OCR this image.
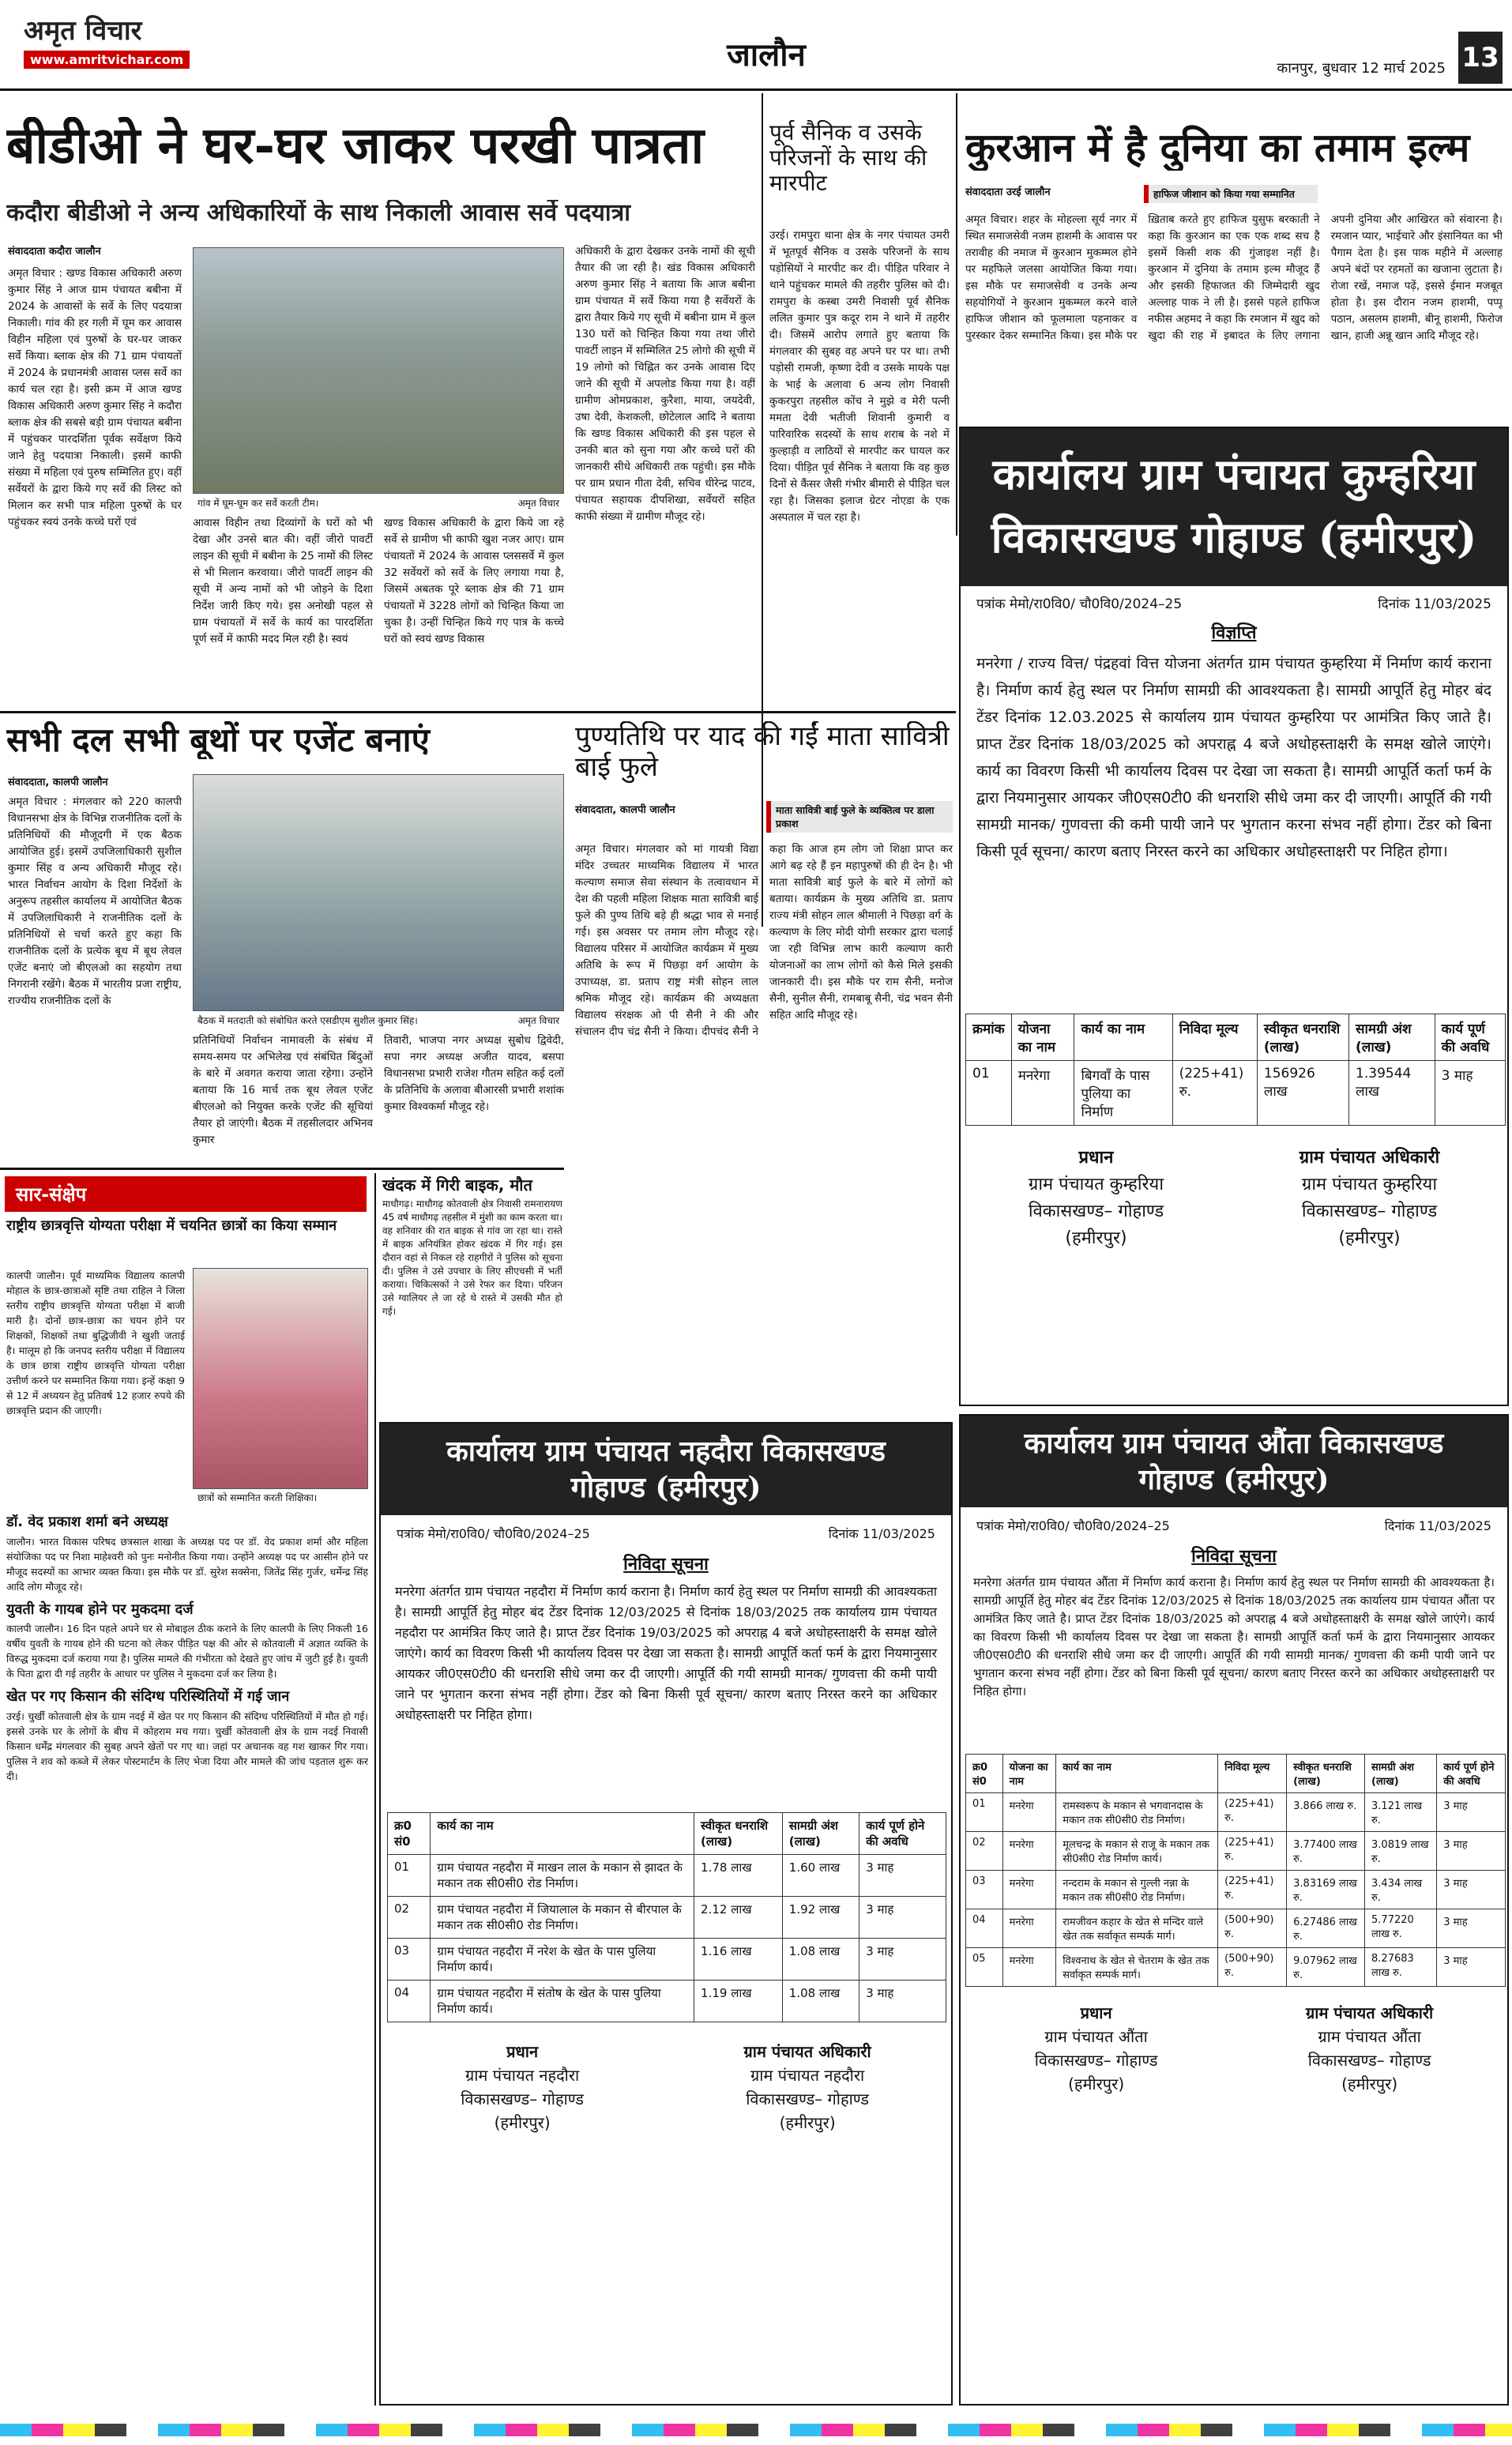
अमृत विचार
www.amritvichar.com	जालौन	कानपुर, बुधवार 12 मार्च 2025 13
बीडीओ ने घर-घर जाकर परखी पात्रता
कदौरा बीडीओ ने अन्य अधिकारियों के साथ निकाली आवास सर्वे पदयात्रा
संवाददाता कदौरा जालौन
अमृत विचार : खण्ड विकास अधिकारी अरुण कुमार सिंह ने आज ग्राम पंचायत बबीना में 2024 के आवासों के सर्वे के लिए पदयात्रा निकाली। गांव की हर गली में घूम कर आवास विहीन महिला एवं पुरुषों के घर-घर जाकर सर्वे किया। ब्लाक क्षेत्र की 71 ग्राम पंचायतों में 2024 के प्रधानमंत्री आवास प्लस सर्वे का कार्य चल रहा है। इसी क्रम में आज खण्ड विकास अधिकारी अरुण कुमार सिंह ने कदौरा ब्लाक क्षेत्र की सबसे बड़ी ग्राम पंचायत बबीना में पहुंचकर पारदर्शिता पूर्वक सर्वेक्षण किये जाने हेतु पदयात्रा निकाली। इसमें काफी संख्या में महिला एवं पुरुष सम्मिलित हुए। वहीं सर्वेयरों के द्वारा किये गए सर्वे की लिस्ट को मिलान कर सभी पात्र महिला पुरुषों के घर पहुंचकर स्वयं उनके कच्चे घरों एवं
गांव में घूम-घूम कर सर्वे करती टीम।	अमृत विचार
आवास विहीन तथा दिव्यांगों के घरों को भी देखा और उनसे बात की। वहीं जीरो पावर्टी लाइन की सूची में बबीना के 25 नामों की लिस्ट से भी मिलान करवाया। जीरो पावर्टी लाइन की सूची में अन्य नामों को भी जोड़ने के दिशा निर्देश जारी किए गये। इस अनोखी पहल से ग्राम पंचायतों में सर्वे के कार्य का पारदर्शिता पूर्ण सर्वे में काफी मदद मिल रही है। स्वयं
खण्ड विकास अधिकारी के द्वारा किये जा रहे सर्वे से ग्रामीण भी काफी खुश नजर आए। ग्राम पंचायतों में 2024 के आवास प्लससर्वे में कुल 32 सर्वेयरों को सर्वे के लिए लगाया गया है, जिसमें अबतक पूरे ब्लाक क्षेत्र की 71 ग्राम पंचायतों में 3228 लोगों को चिन्हित किया जा चुका है। उन्हीं चिन्हित किये गए पात्र के कच्चे घरों को स्वयं खण्ड विकास
अधिकारी के द्वारा देखकर उनके नामों की सूची तैयार की जा रही है। खंड विकास अधिकारी अरुण कुमार सिंह ने बताया कि आज बबीना ग्राम पंचायत में सर्वे किया गया है सर्वेयरों के द्वारा तैयार किये गए सूची में बबीना ग्राम में कुल 130 घरों को चिन्हित किया गया तथा जीरो पावर्टी लाइन में सम्मिलित 25 लोगो की सूची में 19 लोगो को चिह्नित कर उनके आवास दिए जाने की सूची में अपलोड किया गया है। वहीं ग्रामीण ओमप्रकाश, कुरैशा, माया, जयदेवी, उषा देवी, केशकली, छोटेलाल आदि ने बताया कि खण्ड विकास अधिकारी की इस पहल से उनकी बात को सुना गया और कच्चे घरों की जानकारी सीधे अधिकारी तक पहुंची। इस मौके पर ग्राम प्रधान गीता देवी, सचिव धीरेन्द्र पाटव, पंचायत सहायक दीपशिखा, सर्वेयरों सहित काफी संख्या में ग्रामीण मौजूद रहे।
पूर्व सैनिक व उसके परिजनों के साथ की मारपीट
उरई। रामपुरा थाना क्षेत्र के नगर पंचायत उमरी में भूतपूर्व सैनिक व उसके परिजनों के साथ पड़ोसियों ने मारपीट कर दी। पीड़ित परिवार ने थाने पहुंचकर मामले की तहरीर पुलिस को दी। रामपुरा के कस्बा उमरी निवासी पूर्व सैनिक ललित कुमार पुत्र कदूर राम ने थाने में तहरीर दी। जिसमें आरोप लगाते हुए बताया कि मंगलवार की सुबह वह अपने घर पर था। तभी पड़ोसी रामजी, कृष्णा देवी व उसके मायके पक्ष के भाई के अलावा 6 अन्य लोग निवासी कुकरपुरा तहसील कोंच ने मुझे व मेरी पत्नी ममता देवी भतीजी शिवानी कुमारी व पारिवारिक सदस्यों के साथ शराब के नशे में कुल्हाड़ी व लाठियों से मारपीट कर घायल कर दिया। पीड़ित पूर्व सैनिक ने बताया कि वह कुछ दिनों से कैंसर जैसी गंभीर बीमारी से पीड़ित चल रहा है। जिसका इलाज ग्रेटर नोएडा के एक अस्पताल में चल रहा है।
कुरआन में है दुनिया का तमाम इल्म
संवाददाता उरई जालौन	हाफिज जीशान को किया गया सम्मानित
अमृत विचार। शहर के मोहल्ला सूर्य नगर में स्थित समाजसेवी नजम हाशमी के आवास पर तरावीह की नमाज में कुरआन मुकम्मल होने पर महफिले जलसा आयोजित किया गया। इस मौके पर समाजसेवी व उनके अन्य सहयोगियों ने कुरआन मुकम्मल करने वाले हाफिज जीशान को फूलमाला पहनाकर व पुरस्कार देकर सम्मानित किया। इस मौके पर ख़िताब करते हुए हाफिज युसुफ बरकाती ने कहा कि कुरआन का एक एक शब्द सच है इसमें किसी शक की गुंजाइश नहीं है। कुरआन में दुनिया के तमाम इल्म मौजूद हैं और इसकी हिफाजत की जिम्मेदारी खुद अल्लाह पाक ने ली है। इससे पहले हाफिज नफीस अहमद ने कहा कि रमजान में खुद को खुदा की राह में इबादत के लिए लगाना अपनी दुनिया और आखिरत को संवारना है। रमजान प्यार, भाईचारे और इंसानियत का भी पैगाम देता है। इस पाक महीने में अल्लाह अपने बंदों पर रहमतों का खजाना लुटाता है। रोजा रखें, नमाज पढ़ें, इससे ईमान मजबूत होता है। इस दौरान नजम हाशमी, पप्पू पठान, असलम हाशमी, बीनू हाशमी, फिरोज खान, हाजी अन्नू खान आदि मौजूद रहे।
कार्यालय ग्राम पंचायत कुम्हरिया
विकासखण्ड गोहाण्ड (हमीरपुर)
पत्रांक मेमो/रा0वि0/ चौ0वि0/2024–25	दिनांक 11/03/2025
विज्ञप्ति
मनरेगा / राज्य वित्त/ पंद्रहवां वित्त योजना अंतर्गत ग्राम पंचायत कुम्हरिया में निर्माण कार्य कराना है। निर्माण कार्य हेतु स्थल पर निर्माण सामग्री की आवश्यकता है। सामग्री आपूर्ति हेतु मोहर बंद टेंडर दिनांक 12.03.2025 से कार्यालय ग्राम पंचायत कुम्हरिया पर आमंत्रित किए जाते है। प्राप्त टेंडर दिनांक 18/03/2025 को अपराह्न 4 बजे अधोहस्ताक्षरी के समक्ष खोले जाएंगे। कार्य का विवरण किसी भी कार्यालय दिवस पर देखा जा सकता है। सामग्री आपूर्ति कर्ता फर्म के द्वारा नियमानुसार आयकर जी0एस0टी0 की धनराशि सीधे जमा कर दी जाएगी। आपूर्ति की गयी सामग्री मानक/ गुणवत्ता की कमी पायी जाने पर भुगतान करना संभव नहीं होगा। टेंडर को बिना किसी पूर्व सूचना/ कारण बताए निरस्त करने का अधिकार अधोहस्ताक्षरी पर निहित होगा।
क्रमांक	योजना का नाम	कार्य का नाम	निविदा मूल्य	स्वीकृत धनराशि (लाख)	सामग्री अंश (लाख)	कार्य पूर्ण की अवधि
01	मनरेगा	बिगवाँ के पास पुलिया का निर्माण	(225+41) रु.	156926 लाख	1.39544 लाख	3 माह
प्रधान
ग्राम पंचायत कुम्हरिया
विकासखण्ड– गोहाण्ड
(हमीरपुर)
ग्राम पंचायत अधिकारी
ग्राम पंचायत कुम्हरिया
विकासखण्ड– गोहाण्ड
(हमीरपुर)
सभी दल सभी बूथों पर एजेंट बनाएं
संवाददाता, कालपी जालौन
अमृत विचार : मंगलवार को 220 कालपी विधानसभा क्षेत्र के विभिन्न राजनीतिक दलों के प्रतिनिधियों की मौजूदगी में एक बैठक आयोजित हुई। इसमें उपजिलाधिकारी सुशील कुमार सिंह व अन्य अधिकारी मौजूद रहे। भारत निर्वाचन आयोग के दिशा निर्देशों के अनुरूप तहसील कार्यालय में आयोजित बैठक में उपजिलाधिकारी ने राजनीतिक दलों के प्रतिनिधियों से चर्चा करते हुए कहा कि राजनीतिक दलों के प्रत्येक बूथ में बूथ लेवल एजेंट बनाएं जो बीएलओ का सहयोग तथा निगरानी रखेंगे। बैठक में भारतीय प्रजा राष्ट्रीय, राज्यीय राजनीतिक दलों के
बैठक में मतदाती को संबोधित करते एसडीएम सुशील कुमार सिंह।	अमृत विचार
प्रतिनिधियों निर्वाचन नामावली के संबंध में समय-समय पर अभिलेख एवं संबंधित बिंदुओं के बारे में अवगत कराया जाता रहेगा। उन्होंने बताया कि 16 मार्च तक बूथ लेवल एजेंट बीएलओ को नियुक्त करके एजेंट की सूचियां तैयार हो जाएंगी। बैठक में तहसीलदार अभिनव कुमार
तिवारी, भाजपा नगर अध्यक्ष सुबोध द्विवेदी, सपा नगर अध्यक्ष अजीत यादव, बसपा विधानसभा प्रभारी राजेश गौतम सहित कई दलों के प्रतिनिधि के अलावा बीआरसी प्रभारी शशांक कुमार विश्वकर्मा मौजूद रहे।
पुण्यतिथि पर याद की गईं माता सावित्री बाई फुले
संवाददाता, कालपी जालौन	माता सावित्री बाई फुले के व्यक्तित्व पर डाला प्रकाश
अमृत विचार। मंगलवार को मां गायत्री विद्या मंदिर उच्चतर माध्यमिक विद्यालय में भारत कल्याण समाज सेवा संस्थान के तत्वावधान में देश की पहली महिला शिक्षक माता सावित्री बाई फुले की पुण्य तिथि बड़े ही श्रद्धा भाव से मनाई गई। इस अवसर पर तमाम लोग मौजूद रहे। विद्यालय परिसर में आयोजित कार्यक्रम में मुख्य अतिथि के रूप में पिछड़ा वर्ग आयोग के उपाध्यक्ष, डा. प्रताप राष्ट्र मंत्री सोहन लाल श्रमिक मौजूद रहे। कार्यक्रम की अध्यक्षता विद्यालय संरक्षक ओ पी सैनी ने की और संचालन दीप चंद्र सैनी ने किया। दीपचंद सैनी ने कहा कि आज हम लोग जो शिक्षा प्राप्त कर आगे बढ़ रहे हैं इन महापुरुषों की ही देन है। भी माता सावित्री बाई फुले के बारे में लोगों को बताया। कार्यक्रम के मुख्य अतिथि डा. प्रताप राज्य मंत्री सोहन लाल श्रीमाली ने पिछड़ा वर्ग के कल्याण के लिए मोदी योगी सरकार द्वारा चलाई जा रही विभिन्न लाभ कारी कल्याण कारी योजनाओं का लाभ लोगों को कैसे मिले इसकी जानकारी दी। इस मौके पर राम सैनी, मनोज सैनी, सुनील सैनी, रामबाबू सैनी, चंद्र भवन सैनी सहित आदि मौजूद रहे।
सार-संक्षेप
राष्ट्रीय छात्रवृत्ति योग्यता परीक्षा में चयनित छात्रों का किया सम्मान
कालपी जालौन। पूर्व माध्यमिक विद्यालय कालपी मोहाल के छात्र-छात्राओं सृष्टि तथा राहिल ने जिला स्तरीय राष्ट्रीय छात्रवृत्ति योग्यता परीक्षा में बाजी मारी है। दोनों छात्र-छात्रा का चयन होने पर शिक्षकों, शिक्षकों तथा बुद्धिजीवी ने खुशी जताई है। मालूम हो कि जनपद स्तरीय परीक्षा में विद्यालय के छात्र छात्रा राष्ट्रीय छात्रवृत्ति योग्यता परीक्षा उत्तीर्ण करने पर सम्मानित किया गया। इन्हें कक्षा 9 से 12 में अध्ययन हेतु प्रतिवर्ष 12 हजार रुपये की छात्रवृत्ति प्रदान की जाएगी।
छात्रों को सम्मानित करती शिक्षिका।
डॉ. वेद प्रकाश शर्मा बने अध्यक्ष
जालौन। भारत विकास परिषद छत्रसाल शाखा के अध्यक्ष पद पर डॉ. वेद प्रकाश शर्मा और महिला संयोजिका पद पर निशा माहेश्वरी को पुनः मनोनीत किया गया। उन्होंने अध्यक्ष पद पर आसीन होने पर मौजूद सदस्यों का आभार व्यक्त किया। इस मौके पर डॉ. सुरेश सक्सेना, जितेंद्र सिंह गुर्जर, धर्मेन्द्र सिंह आदि लोग मौजूद रहे।
युवती के गायब होने पर मुकदमा दर्ज
कालपी जालौन। 16 दिन पहले अपने घर से मोबाइल ठीक कराने के लिए कालपी के लिए निकली 16 वर्षीय युवती के गायब होने की घटना को लेकर पीड़ित पक्ष की ओर से कोतवाली में अज्ञात व्यक्ति के विरुद्ध मुकदमा दर्ज कराया गया है। पुलिस मामले की गंभीरता को देखते हुए जांच में जुटी हुई है। युवती के पिता द्वारा दी गई तहरीर के आधार पर पुलिस ने मुकदमा दर्ज कर लिया है।
खेत पर गए किसान की संदिग्ध परिस्थितियों में गई जान
उरई। चुर्खी कोतवाली क्षेत्र के ग्राम नदई में खेत पर गए किसान की संदिग्ध परिस्थितियों में मौत हो गई। इससे उनके घर के लोगों के बीच में कोहराम मच गया। चुर्खी कोतवाली क्षेत्र के ग्राम नदई निवासी किसान धर्मेंद्र मंगलवार की सुबह अपने खेतों पर गए था। जहां पर अचानक वह गश खाकर गिर गया। पुलिस ने शव को कब्जे में लेकर पोस्टमार्टम के लिए भेजा दिया और मामले की जांच पड़ताल शुरू कर दी।
खंदक में गिरी बाइक, मौत
माधौगढ़। माधौगढ़ कोतवाली क्षेत्र निवासी रामनारायण 45 वर्ष माधौगढ़ तहसील में मुंशी का काम करता था। वह शनिवार की रात बाइक से गांव जा रहा था। रास्ते में बाइक अनियंत्रित होकर खंदक में गिर गई। इस दौरान वहां से निकल रहे राहगीरों ने पुलिस को सूचना दी। पुलिस ने उसे उपचार के लिए सीएचसी में भर्ती कराया। चिकित्सकों ने उसे रेफर कर दिया। परिजन उसे ग्वालियर ले जा रहे थे रास्ते में उसकी मौत हो गई।
कार्यालय ग्राम पंचायत नहदौरा विकासखण्ड
गोहाण्ड (हमीरपुर)
पत्रांक मेमो/रा0वि0/ चौ0वि0/2024–25	दिनांक 11/03/2025
निविदा सूचना
मनरेगा अंतर्गत ग्राम पंचायत नहदौरा में निर्माण कार्य कराना है। निर्माण कार्य हेतु स्थल पर निर्माण सामग्री की आवश्यकता है। सामग्री आपूर्ति हेतु मोहर बंद टेंडर दिनांक 12/03/2025 से दिनांक 18/03/2025 तक कार्यालय ग्राम पंचायत नहदौरा पर आमंत्रित किए जाते है। प्राप्त टेंडर दिनांक 19/03/2025 को अपराह्न 4 बजे अधोहस्ताक्षरी के समक्ष खोले जाएंगे। कार्य का विवरण किसी भी कार्यालय दिवस पर देखा जा सकता है। सामग्री आपूर्ति कर्ता फर्म के द्वारा नियमानुसार आयकर जी0एस0टी0 की धनराशि सीधे जमा कर दी जाएगी। आपूर्ति की गयी सामग्री मानक/ गुणवत्ता की कमी पायी जाने पर भुगतान करना संभव नहीं होगा। टेंडर को बिना किसी पूर्व सूचना/ कारण बताए निरस्त करने का अधिकार अधोहस्ताक्षरी पर निहित होगा।
क्र0 सं0	कार्य का नाम	स्वीकृत धनराशि (लाख)	सामग्री अंश (लाख)	कार्य पूर्ण होने की अवधि
01	ग्राम पंचायत नहदौरा में माखन लाल के मकान से झादत के मकान तक सी0सी0 रोड निर्माण।	1.78 लाख	1.60 लाख	3 माह
02	ग्राम पंचायत नहदौरा में जियालाल के मकान से बीरपाल के मकान तक सी0सी0 रोड निर्माण।	2.12 लाख	1.92 लाख	3 माह
03	ग्राम पंचायत नहदौरा में नरेश के खेत के पास पुलिया निर्माण कार्य।	1.16 लाख	1.08 लाख	3 माह
04	ग्राम पंचायत नहदौरा में संतोष के खेत के पास पुलिया निर्माण कार्य।	1.19 लाख	1.08 लाख	3 माह
प्रधान
ग्राम पंचायत नहदौरा
विकासखण्ड– गोहाण्ड
(हमीरपुर)
ग्राम पंचायत अधिकारी
ग्राम पंचायत नहदौरा
विकासखण्ड– गोहाण्ड
(हमीरपुर)
कार्यालय ग्राम पंचायत औंता विकासखण्ड
गोहाण्ड (हमीरपुर)
पत्रांक मेमो/रा0वि0/ चौ0वि0/2024–25	दिनांक 11/03/2025
निविदा सूचना
मनरेगा अंतर्गत ग्राम पंचायत औंता में निर्माण कार्य कराना है। निर्माण कार्य हेतु स्थल पर निर्माण सामग्री की आवश्यकता है। सामग्री आपूर्ति हेतु मोहर बंद टेंडर दिनांक 12/03/2025 से दिनांक 18/03/2025 तक कार्यालय ग्राम पंचायत औंता पर आमंत्रित किए जाते है। प्राप्त टेंडर दिनांक 18/03/2025 को अपराह्न 4 बजे अधोहस्ताक्षरी के समक्ष खोले जाएंगे। कार्य का विवरण किसी भी कार्यालय दिवस पर देखा जा सकता है। सामग्री आपूर्ति कर्ता फर्म के द्वारा नियमानुसार आयकर जी0एस0टी0 की धनराशि सीधे जमा कर दी जाएगी। आपूर्ति की गयी सामग्री मानक/ गुणवत्ता की कमी पायी जाने पर भुगतान करना संभव नहीं होगा। टेंडर को बिना किसी पूर्व सूचना/ कारण बताए निरस्त करने का अधिकार अधोहस्ताक्षरी पर निहित होगा।
क्र0 सं0	योजना का नाम	कार्य का नाम	निविदा मूल्य	स्वीकृत धनराशि (लाख)	सामग्री अंश (लाख)	कार्य पूर्ण होने की अवधि
01	मनरेगा	रामस्वरूप के मकान से भगवानदास के मकान तक सी0सी0 रोड निर्माण।	(225+41) रु.	3.866 लाख रु.	3.121 लाख रु.	3 माह
02	मनरेगा	मूलचन्द्र के मकान से राजू के मकान तक सी0सी0 रोड निर्माण कार्य।	(225+41) रु.	3.77400 लाख रु.	3.0819 लाख रु.	3 माह
03	मनरेगा	नन्दराम के मकान से गुल्ली नन्ना के मकान तक सी0सी0 रोड निर्माण।	(225+41) रु.	3.83169 लाख रु.	3.434 लाख रु.	3 माह
04	मनरेगा	रामजीवन कहार के खेत से मन्दिर वाले खेत तक सर्वाकृत सम्पर्क मार्ग।	(500+90) रु.	6.27486 लाख रु.	5.77220 लाख रु.	3 माह
05	मनरेगा	विश्वनाथ के खेत से चेतराम के खेत तक सर्वाकृत सम्पर्क मार्ग।	(500+90) रु.	9.07962 लाख रु.	8.27683 लाख रु.	3 माह
प्रधान
ग्राम पंचायत औंता
विकासखण्ड– गोहाण्ड
(हमीरपुर)
ग्राम पंचायत अधिकारी
ग्राम पंचायत औंता
विकासखण्ड– गोहाण्ड
(हमीरपुर)
